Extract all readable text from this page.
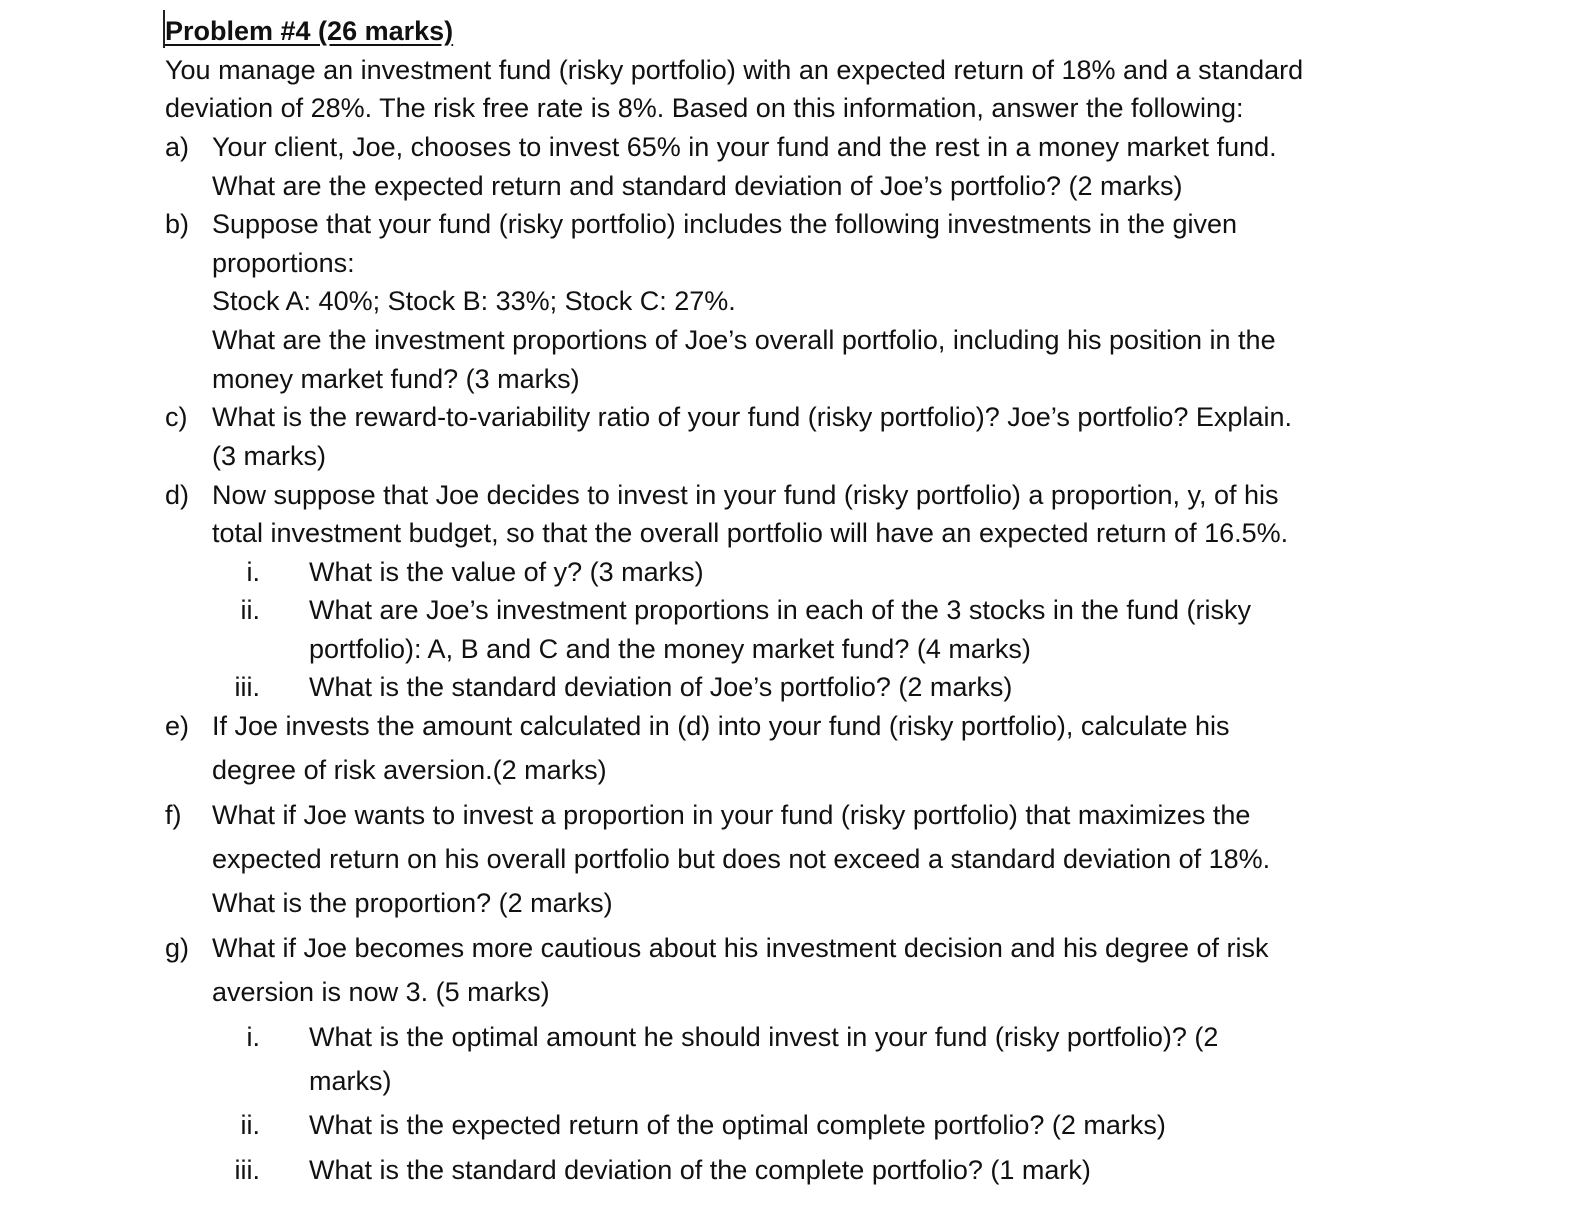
Problem #4 (26 marks)
You manage an investment fund (risky portfolio) with an expected return of 18% and a standard
deviation of 28%. The risk free rate is 8%. Based on this information, answer the following:
a) Your client, Joe, chooses to invest 65% in your fund and the rest in a money market fund.
What are the expected return and standard deviation of Joe’s portfolio? (2 marks)
b) Suppose that your fund (risky portfolio) includes the following investments in the given
proportions:
Stock A: 40%; Stock B: 33%; Stock C: 27%.
What are the investment proportions of Joe’s overall portfolio, including his position in the
money market fund? (3 marks)
c) What is the reward-to-variability ratio of your fund (risky portfolio)? Joe’s portfolio? Explain.
(3 marks)
d) Now suppose that Joe decides to invest in your fund (risky portfolio) a proportion, y, of his
total investment budget, so that the overall portfolio will have an expected return of 16.5%.
i. What is the value of y? (3 marks)
ii. What are Joe’s investment proportions in each of the 3 stocks in the fund (risky
portfolio): A, B and C and the money market fund? (4 marks)
iii. What is the standard deviation of Joe’s portfolio? (2 marks)
e) If Joe invests the amount calculated in (d) into your fund (risky portfolio), calculate his
degree of risk aversion.(2 marks)
f) What if Joe wants to invest a proportion in your fund (risky portfolio) that maximizes the
expected return on his overall portfolio but does not exceed a standard deviation of 18%.
What is the proportion? (2 marks)
g) What if Joe becomes more cautious about his investment decision and his degree of risk
aversion is now 3. (5 marks)
i. What is the optimal amount he should invest in your fund (risky portfolio)? (2
marks)
ii. What is the expected return of the optimal complete portfolio? (2 marks)
iii. What is the standard deviation of the complete portfolio? (1 mark)
